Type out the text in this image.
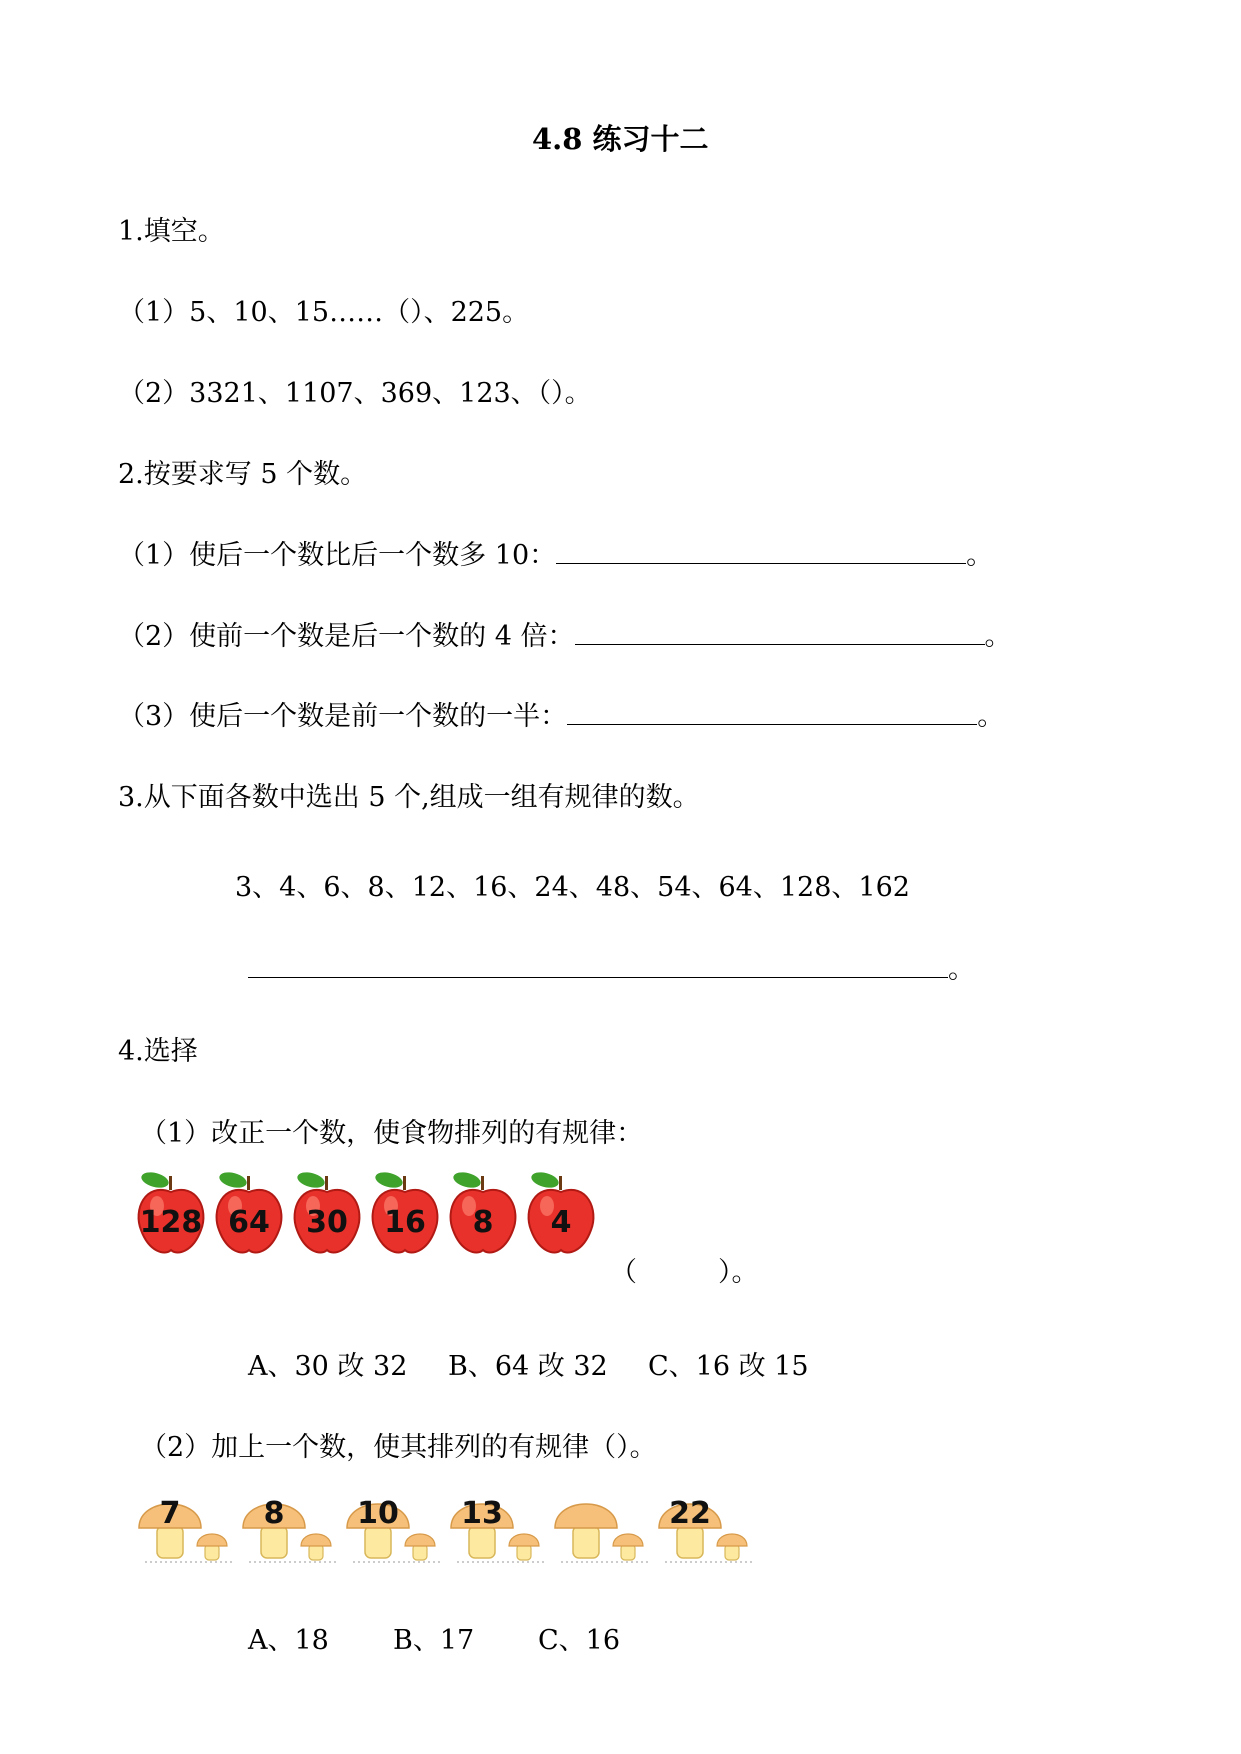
4.8 练习十二
1.填空。
（1）5、10、15……（）、225。
（2）3321、1107、369、123、（）。
2.按要求写 5 个数。
（1）使后一个数比后一个数多 10：	。
（2）使前一个数是后一个数的 4 倍：	。
（3）使后一个数是前一个数的一半：	。
3.从下面各数中选出 5 个,组成一组有规律的数。
3、4、6、8、12、16、24、48、54、64、128、162
。
4.选择
（1）改正一个数，使食物排列的有规律：
128 64 30 16 8 4
（　　　）。
A、30 改 32 B、64 改 32 C、16 改 15
（2）加上一个数，使其排列的有规律（）。
7	8 10 13	22
A、18 B、17 C、16
